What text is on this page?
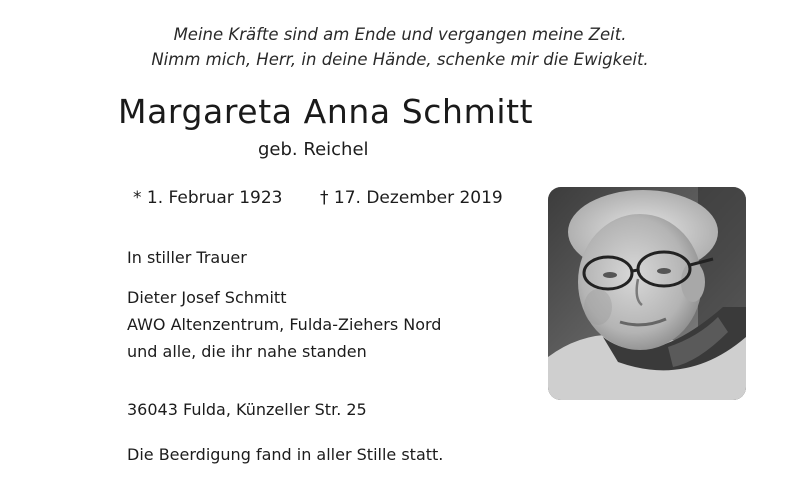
Meine Kräfte sind am Ende und vergangen meine Zeit.
Nimm mich, Herr, in deine Hände, schenke mir die Ewigkeit.
Margareta Anna Schmitt
geb. Reichel
* 1. Februar 1923 † 17. Dezember 2019
In stiller Trauer
Dieter Josef Schmitt
AWO Altenzentrum, Fulda-Ziehers Nord
und alle, die ihr nahe standen
36043 Fulda, Künzeller Str. 25
Die Beerdigung fand in aller Stille statt.
